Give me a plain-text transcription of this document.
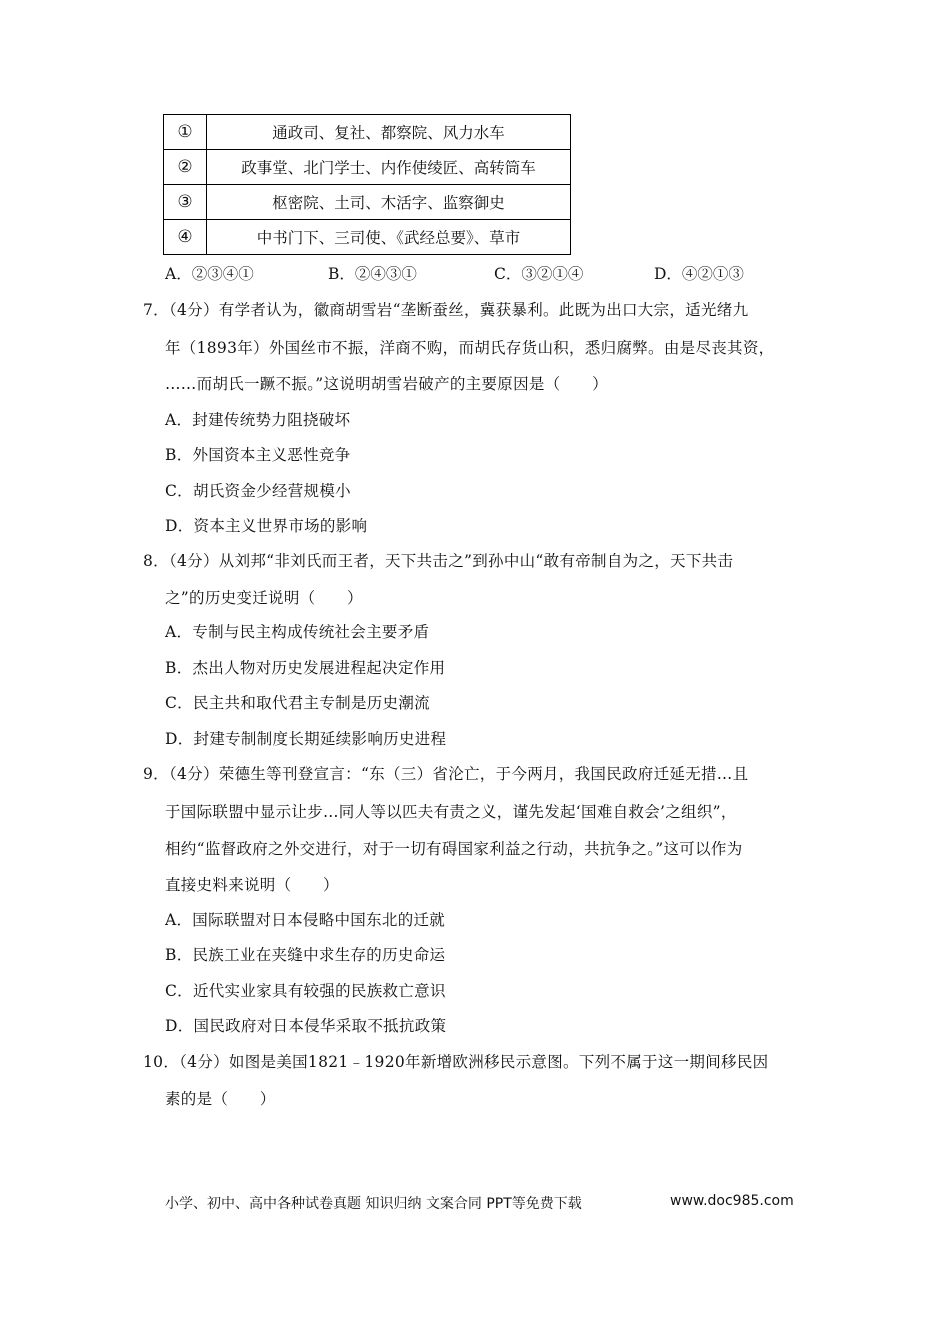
①	通政司、复社、都察院、风力水车
②	政事堂、北门学士、内作使绫匠、高转筒车
③	枢密院、土司、木活字、监察御史
④	中书门下、三司使、《武经总要》、草市
A．②③④①	B．②④③①	C．③②①④	D．④②①③
7．（4分）有学者认为，徽商胡雪岩“垄断蚕丝，冀获暴利。此既为出口大宗，适光绪九
年（1893年）外国丝市不振，洋商不购，而胡氏存货山积，悉归腐弊。由是尽丧其资，
……而胡氏一蹶不振。”这说明胡雪岩破产的主要原因是（　　）
A．封建传统势力阻挠破坏
B．外国资本主义恶性竞争
C．胡氏资金少经营规模小
D．资本主义世界市场的影响
8．（4分）从刘邦“非刘氏而王者，天下共击之”到孙中山“敢有帝制自为之，天下共击
之”的历史变迁说明（　　）
A．专制与民主构成传统社会主要矛盾
B．杰出人物对历史发展进程起决定作用
C．民主共和取代君主专制是历史潮流
D．封建专制制度长期延续影响历史进程
9．（4分）荣德生等刊登宣言：“东（三）省沦亡，于今两月，我国民政府迁延无措…且
于国际联盟中显示让步…同人等以匹夫有责之义，谨先发起‘国难自救会’之组织”，
相约“监督政府之外交进行，对于一切有碍国家利益之行动，共抗争之。”这可以作为
直接史料来说明（　　）
A．国际联盟对日本侵略中国东北的迁就
B．民族工业在夹缝中求生存的历史命运
C．近代实业家具有较强的民族救亡意识
D．国民政府对日本侵华采取不抵抗政策
10．（4分）如图是美国1821﹣1920年新增欧洲移民示意图。下列不属于这一期间移民因
素的是（　　）
小学、初中、高中各种试卷真题 知识归纳 文案合同 PPT等免费下载	www.doc985.com
